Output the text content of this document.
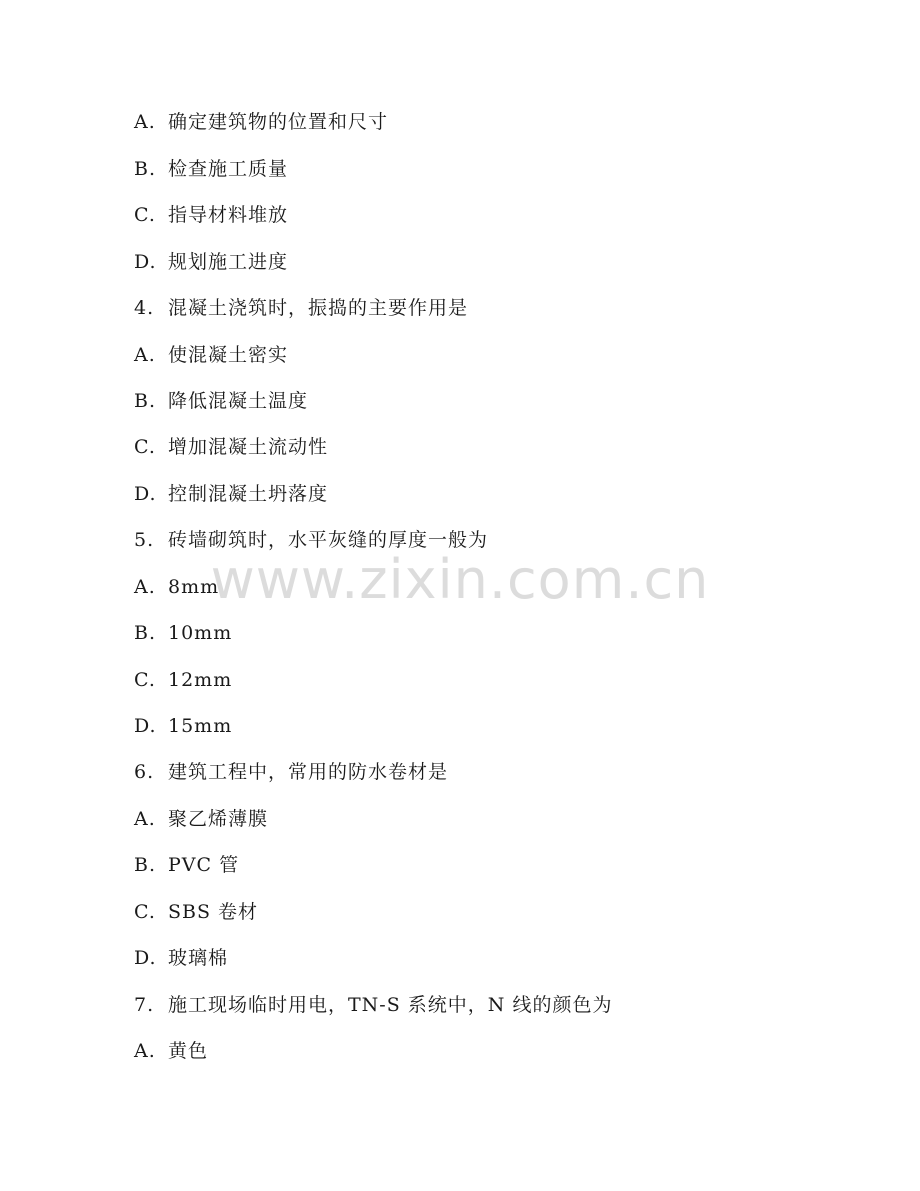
A. 确定建筑物的位置和尺寸
B. 检查施工质量
C. 指导材料堆放
D. 规划施工进度
4. 混凝土浇筑时，振捣的主要作用是
A. 使混凝土密实
B. 降低混凝土温度
C. 增加混凝土流动性
D. 控制混凝土坍落度
5. 砖墙砌筑时，水平灰缝的厚度一般为
A. 8mm
B. 10mm
C. 12mm
D. 15mm
6. 建筑工程中，常用的防水卷材是
A. 聚乙烯薄膜
B. PVC 管
C. SBS 卷材
D. 玻璃棉
7. 施工现场临时用电，TN-S 系统中，N 线的颜色为
A. 黄色
www.zixin.com.cn
